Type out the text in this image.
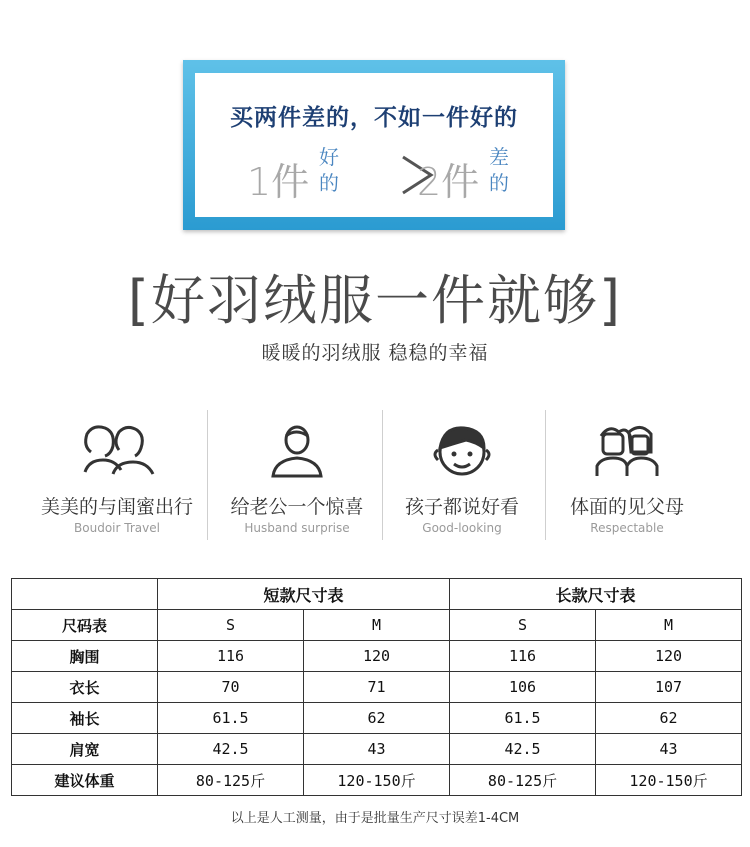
买两件差的，不如一件好的
1件
好
的 2件
差
的
[好羽绒服一件就够]
暖暖的羽绒服 稳稳的幸福
美美的与闺蜜出行
Boudoir Travel
给老公一个惊喜
Husband surprise
孩子都说好看
Good-looking
体面的见父母
Respectable
	短款尺寸表		长款尺寸表	
尺码表	S	M	S	M
胸围	116	120	116	120
衣长	70	71	106	107
袖长	61.5	62	61.5	62
肩宽	42.5	43	42.5	43
建议体重	80-125斤	120-150斤	80-125斤	120-150斤
以上是人工测量，由于是批量生产尺寸误差1-4CM
